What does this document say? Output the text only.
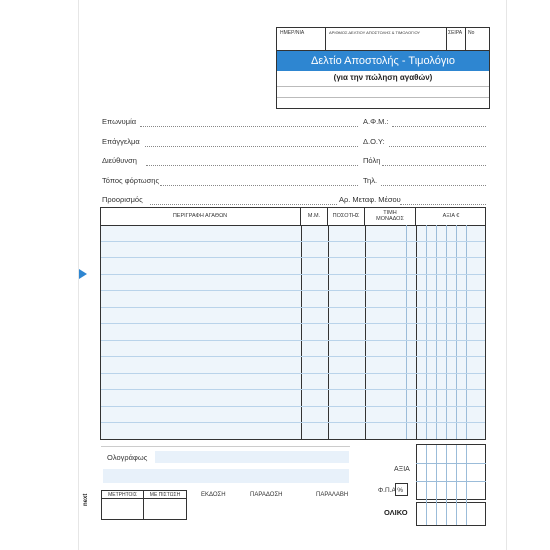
ΗΜΕΡ/ΝΙΑ	ΑΡΙΘΜΟΣ ΔΕΛΤΙΟΥ ΑΠΟΣΤΟΛΗΣ & ΤΙΜΟΛΟΓΙΟΥ	ΣΕΙΡΑ Νο
Δελτίο Αποστολής - Τιμολόγιο
(για την πώληση αγαθών)
Επωνυμία	Α.Φ.Μ.:
Επάγγελμα	Δ.Ο.Υ:
Διεύθυνση	Πόλη
Τόπος φόρτωσης	Τηλ.
Προορισμός	Αρ. Μεταφ. Μέσου
ΠΕΡΙΓΡΑΦΗ ΑΓΑΘΩΝ	Μ.Μ.	ΠΟΣΟΤΗΣ	ΤΙΜΗ ΜΟΝΑΔΟΣ	ΑΞΙΑ €
Ολογράφως
ΑΞΙΑ
Φ.Π.Α %
ΟΛΙΚΟ
ΜΕΤΡΗΤΟΙΣ	ΜΕ ΠΙΣΤΩΣΗ	ΕΚΔΟΣΗ	ΠΑΡΑΔΟΣΗ	ΠΑΡΑΛΑΒΗ
next
